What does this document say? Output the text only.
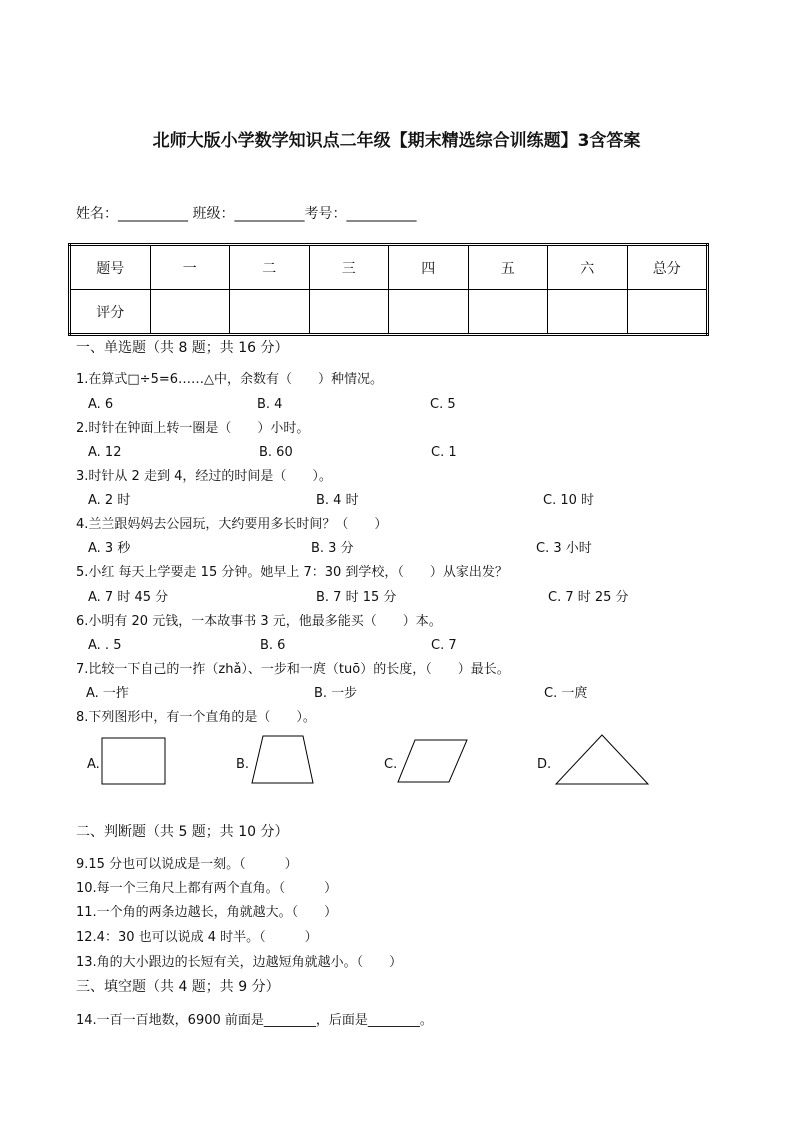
北师大版小学数学知识点二年级【期末精选综合训练题】3含答案
姓名：__________ 班级：__________考号：__________
题号	一	二	三	四	五	六	总分
评分							
一、单选题（共 8 题；共 16 分）
二、判断题（共 5 题；共 10 分）
三、填空题（共 4 题；共 9 分）
1.在算式□÷5=6……△中，余数有（　　）种情况。
A. 6	B. 4	C. 5
2.时针在钟面上转一圈是（　　）小时。
A. 12	B. 60	C. 1
3.时针从 2 走到 4，经过的时间是（　　）。
A. 2 时	B. 4 时	C. 10 时
4.兰兰跟妈妈去公园玩，大约要用多长时间？（　　）
A. 3 秒	B. 3 分	C. 3 小时
5.小红 每天上学要走 15 分钟。她早上 7：30 到学校，（　　）从家出发？
A. 7 时 45 分	B. 7 时 15 分	C. 7 时 25 分
6.小明有 20 元钱，一本故事书 3 元，他最多能买（　　）本。
A. . 5	B. 6	C. 7
7.比较一下自己的一拃（zhǎ）、一步和一庹（tuō）的长度，（　　）最长。
A. 一拃	B. 一步	C. 一庹
8.下列图形中，有一个直角的是（　　）。
A.	B.	C.	D.
9.15 分也可以说成是一刻。（　　　）
10.每一个三角尺上都有两个直角。（　　　）
11.一个角的两条边越长，角就越大。（　　）
12.4：30 也可以说成 4 时半。（　　　）
13.角的大小跟边的长短有关，边越短角就越小。（　　）
14.一百一百地数，6900 前面是________，后面是________。
